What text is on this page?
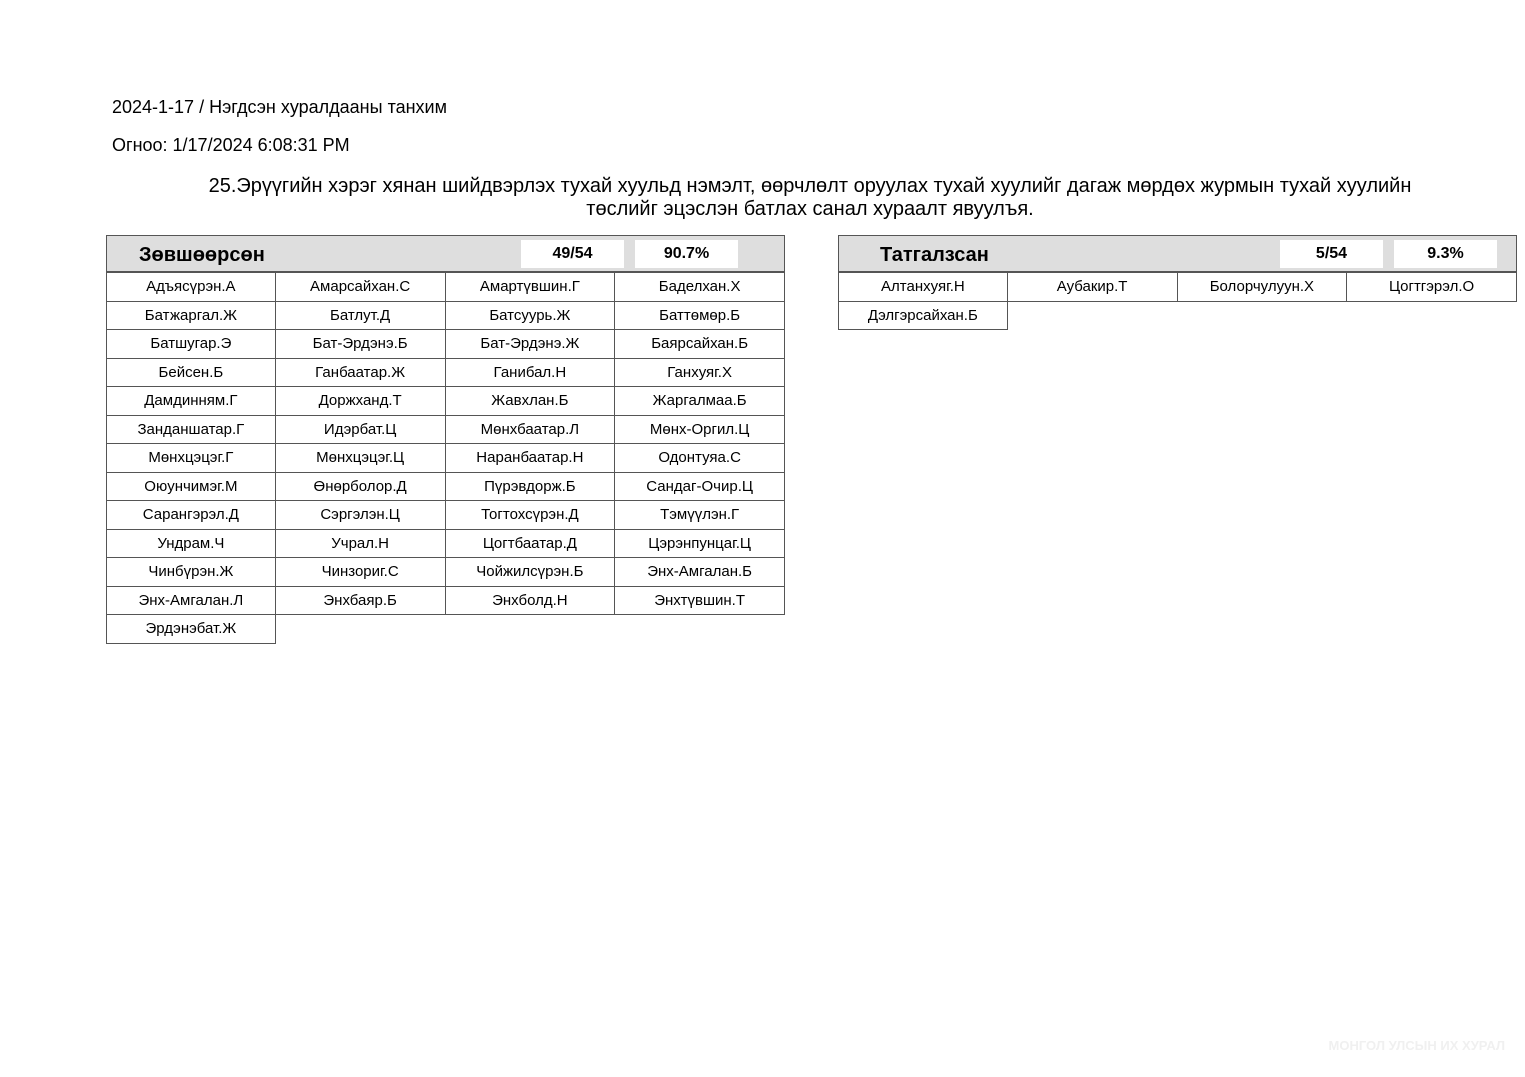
2024-1-17 / Нэгдсэн хуралдааны танхим
Огноо: 1/17/2024 6:08:31 PM
25.Эрүүгийн хэрэг хянан шийдвэрлэх тухай хуульд нэмэлт, өөрчлөлт оруулах тухай хуулийг дагаж мөрдөх журмын тухай хуулийн
төслийг эцэслэн батлах санал хураалт явуулъя.
Зөвшөөрсөн	49/54	90.7%
Адъясүрэн.А	Амарсайхан.С	Амартүвшин.Г	Баделхан.Х
Батжаргал.Ж	Батлут.Д	Батсуурь.Ж	Баттөмөр.Б
Батшугар.Э	Бат-Эрдэнэ.Б	Бат-Эрдэнэ.Ж	Баярсайхан.Б
Бейсен.Б	Ганбаатар.Ж	Ганибал.Н	Ганхуяг.Х
Дамдинням.Г	Доржханд.Т	Жавхлан.Б	Жаргалмаа.Б
Занданшатар.Г	Идэрбат.Ц	Мөнхбаатар.Л	Мөнх-Оргил.Ц
Мөнхцэцэг.Г	Мөнхцэцэг.Ц	Наранбаатар.Н	Одонтуяа.С
Оюунчимэг.М	Өнөрболор.Д	Пүрэвдорж.Б	Сандаг-Очир.Ц
Сарангэрэл.Д	Сэргэлэн.Ц	Тогтохсүрэн.Д	Тэмүүлэн.Г
Ундрам.Ч	Учрал.Н	Цогтбаатар.Д	Цэрэнпунцаг.Ц
Чинбүрэн.Ж	Чинзориг.С	Чойжилсүрэн.Б	Энх-Амгалан.Б
Энх-Амгалан.Л	Энхбаяр.Б	Энхболд.Н	Энхтүвшин.Т
Эрдэнэбат.Ж
Татгалзсан	5/54	9.3%
Алтанхуяг.Н	Аубакир.Т	Болорчулуун.Х	Цогтгэрэл.О
Дэлгэрсайхан.Б
МОНГОЛ УЛСЫН ИХ ХУРАЛ
